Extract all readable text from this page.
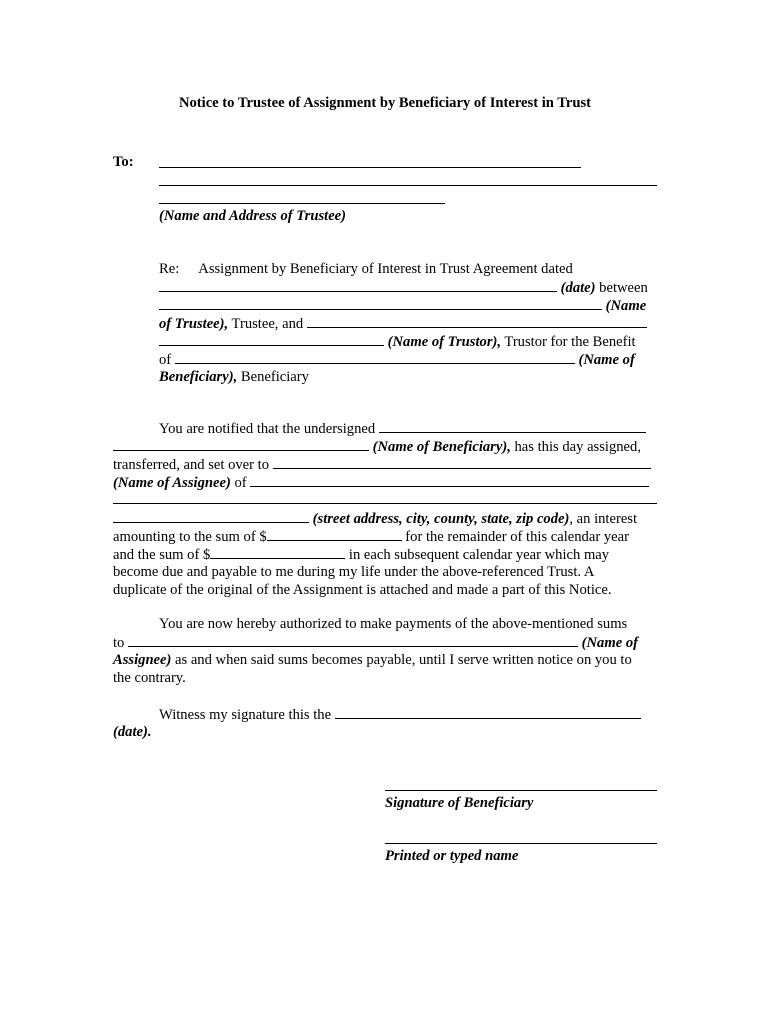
Notice to Trustee of Assignment by Beneficiary of Interest in Trust
To:
(Name and Address of Trustee)
Re: Assignment by Beneficiary of Interest in Trust Agreement dated
(date) between
(Name
of Trustee), Trustee, and
(Name of Trustor), Trustor for the Benefit
of	(Name of
Beneficiary), Beneficiary
You are notified that the undersigned
(Name of Beneficiary), has this day assigned,
transferred, and set over to
(Name of Assignee) of
(street address, city, county, state, zip code), an interest
amounting to the sum of $	for the remainder of this calendar year
and the sum of $	in each subsequent calendar year which may
become due and payable to me during my life under the above-referenced Trust. A
duplicate of the original of the Assignment is attached and made a part of this Notice.
You are now hereby authorized to make payments of the above-mentioned sums
to	(Name of
Assignee) as and when said sums becomes payable, until I serve written notice on you to
the contrary.
Witness my signature this the
(date).
Signature of Beneficiary
Printed or typed name
